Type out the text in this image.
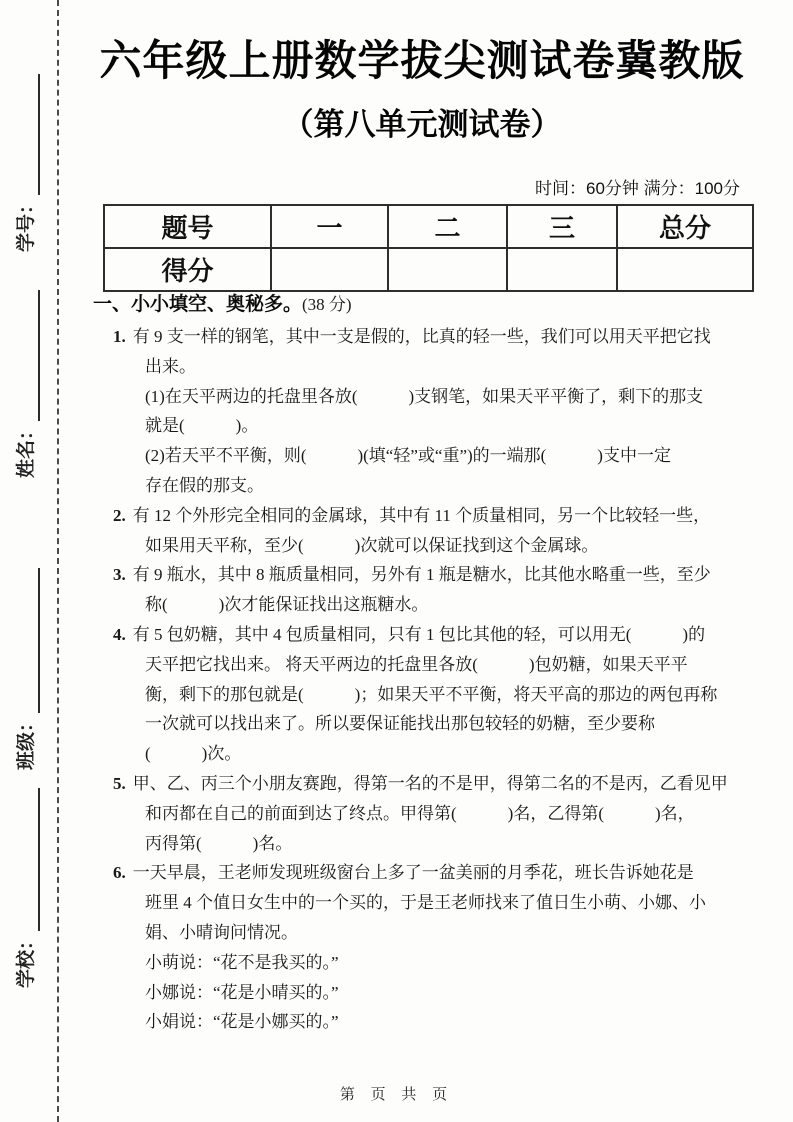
学号：
姓名：
班级：
学校：
六年级上册数学拔尖测试卷冀教版
（第八单元测试卷）
时间：60分钟 满分：100分
题号	一	二	三	总分
得分				
一、小小填空、奥秘多。(38 分)
1. 有 9 支一样的钢笔，其中一支是假的，比真的轻一些，我们可以用天平把它找
出来。
(1)在天平两边的托盘里各放(　　　)支钢笔，如果天平平衡了，剩下的那支
就是(　　　)。
(2)若天平不平衡，则(　　　)(填“轻”或“重”)的一端那(　　　)支中一定
存在假的那支。
2. 有 12 个外形完全相同的金属球，其中有 11 个质量相同，另一个比较轻一些，
如果用天平称，至少(　　　)次就可以保证找到这个金属球。
3. 有 9 瓶水，其中 8 瓶质量相同，另外有 1 瓶是糖水，比其他水略重一些，至少
称(　　　)次才能保证找出这瓶糖水。
4. 有 5 包奶糖，其中 4 包质量相同，只有 1 包比其他的轻，可以用无(　　　)的
天平把它找出来。 将天平两边的托盘里各放(　　　)包奶糖，如果天平平
衡，剩下的那包就是(　　　)；如果天平不平衡，将天平高的那边的两包再称
一次就可以找出来了。所以要保证能找出那包较轻的奶糖，至少要称
(　　　)次。
5. 甲、乙、丙三个小朋友赛跑，得第一名的不是甲，得第二名的不是丙，乙看见甲
和丙都在自己的前面到达了终点。甲得第(　　　)名，乙得第(　　　)名，
丙得第(　　　)名。
6. 一天早晨，王老师发现班级窗台上多了一盆美丽的月季花，班长告诉她花是
班里 4 个值日女生中的一个买的，于是王老师找来了值日生小萌、小娜、小
娟、小晴询问情况。
小萌说：“花不是我买的。”
小娜说：“花是小晴买的。”
小娟说：“花是小娜买的。”
第 页 共 页
